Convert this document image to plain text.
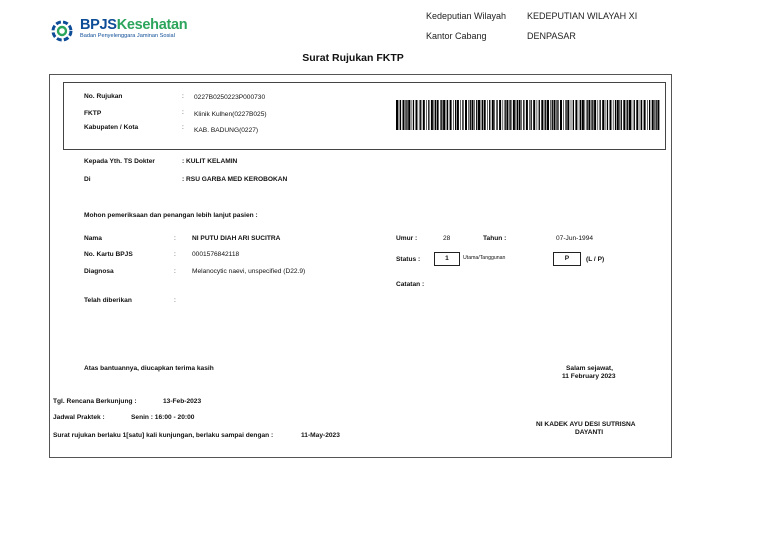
BPJSKesehatan
Badan Penyelenggara Jaminan Sosial
Kedeputian Wilayah KEDEPUTIAN WILAYAH XI
Kantor Cabang	DENPASAR
Surat Rujukan FKTP
No. Rujukan	: 0227B0250223P000730
FKTP	: Klinik Kulhen(0227B025)
Kabupaten / Kota	: KAB. BADUNG(0227)
Kepada Yth. TS Dokter	: KULIT KELAMIN
Di	: RSU GARBA MED KEROBOKAN
Mohon pemeriksaan dan penangan lebih lanjut pasien :
Nama	: NI PUTU DIAH ARI SUCITRA
No. Kartu BPJS	: 0001576842118
Diagnosa	: Melanocytic naevi, unspecified (D22.9)
Telah diberikan	:
Umur :	28	Tahun :	07-Jun-1994
Status :	1	Utama/Tanggunan	P	(L / P)
Catatan :
Atas bantuannya, diucapkan terima kasih	Salam sejawat,
11 February 2023
NI KADEK AYU DESI SUTRISNA
DAYANTI
Tgl. Rencana Berkunjung :	13-Feb-2023
Jadwal Praktek :	Senin : 16:00 - 20:00
Surat rujukan berlaku 1[satu] kali kunjungan, berlaku sampai dengan :	11-May-2023
